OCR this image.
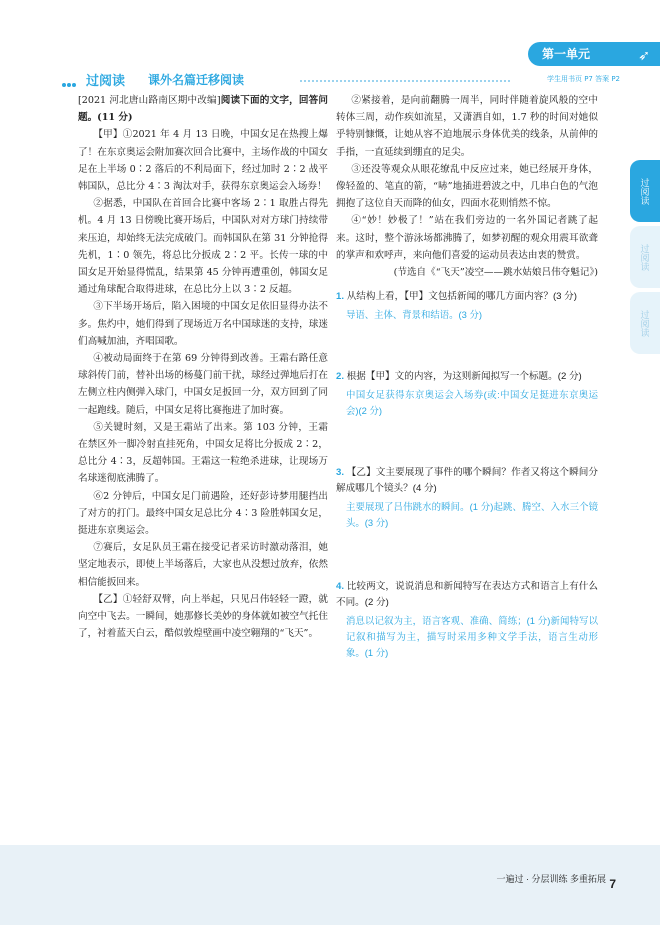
第一单元	➶
过阅读 课外名篇迁移阅读	学生用书页 P7 答案 P2

[2021 河北唐山路南区期中改编]阅读下面的文字，回答问题。(11 分)

【甲】①2021 年 4 月 13 日晚，中国女足在热搜上爆了！在东京奥运会附加赛次回合比赛中，主场作战的中国女足在上半场 0∶2 落后的不利局面下，经过加时 2∶2 战平韩国队，总比分 4∶3 淘汰对手，获得东京奥运会入场券！

②据悉，中国队在首回合比赛中客场 2∶1 取胜占得先机。4 月 13 日傍晚比赛开场后，中国队对对方球门持续带来压迫，却始终无法完成破门。而韩国队在第 31 分钟抢得先机，1∶0 领先，将总比分扳成 2∶2 平。长传一球的中国女足开始显得慌乱，结果第 45 分钟再遭重创，韩国女足通过角球配合取得进球，在总比分上以 3∶2 反超。

③下半场开场后，陷入困境的中国女足依旧显得办法不多。焦灼中，她们得到了现场近万名中国球迷的支持，球迷们高喊加油，齐唱国歌。

④被动局面终于在第 69 分钟得到改善。王霜右路任意球斜传门前，替补出场的杨蔓门前干扰，球经过弹地后打在左侧立柱内侧弹入球门，中国女足扳回一分，双方回到了同一起跑线。随后，中国女足将比赛拖进了加时赛。

⑤关键时刻，又是王霜站了出来。第 103 分钟，王霜在禁区外一脚冷射直挂死角，中国女足将比分扳成 2∶2，总比分 4∶3，反超韩国。王霜这一粒绝杀进球，让现场万名球迷彻底沸腾了。

⑥2 分钟后，中国女足门前遇险，还好彭诗梦用腿挡出了对方的打门。最终中国女足总比分 4∶3 险胜韩国女足，挺进东京奥运会。

⑦赛后，女足队员王霜在接受记者采访时激动落泪，她坚定地表示，即使上半场落后，大家也从没想过放弃，依然相信能扳回来。

【乙】①轻舒双臂，向上举起，只见吕伟轻轻一蹬，就向空中飞去。一瞬间，她那修长美妙的身体就如被空气托住了，衬着蓝天白云，酷似敦煌壁画中凌空翱翔的“飞天”。

②紧接着，是向前翻腾一周半，同时伴随着旋风般的空中转体三周，动作疾如流星，又潇洒自如，1.7 秒的时间对她似乎特别慷慨，让她从容不迫地展示身体优美的线条，从前伸的手指，一直延续到绷直的足尖。

③还没等观众从眼花缭乱中反应过来，她已经展开身体，像轻盈的、笔直的箭，“哧”地插进碧波之中，几串白色的气泡拥抱了这位自天而降的仙女，四面水花则悄然不惊。

④“妙！妙极了！”站在我们旁边的一名外国记者跳了起来。这时，整个游泳场都沸腾了，如梦初醒的观众用震耳欲聋的掌声和欢呼声，来向他们喜爱的运动员表达由衷的赞赏。

(节选自《“飞天”凌空——跳水姑娘吕伟夺魁记》)

1. 从结构上看，【甲】文包括新闻的哪几方面内容？(3 分)
导语、主体、背景和结语。(3 分)
2. 根据【甲】文的内容，为这则新闻拟写一个标题。(2 分)
中国女足获得东京奥运会入场券(或:中国女足挺进东京奥运会)(2 分)
3. 【乙】文主要展现了事件的哪个瞬间？作者又将这个瞬间分解成哪几个镜头？(4 分)
主要展现了吕伟跳水的瞬间。(1 分)起跳、腾空、入水三个镜头。(3 分)
4. 比较两文，说说消息和新闻特写在表达方式和语言上有什么不同。(2 分)
消息以记叙为主，语言客观、准确、简练；(1 分)新闻特写以记叙和描写为主，描写时采用多种文学手法，语言生动形象。(1 分)
过阅读
过阅读
过阅读
一遍过 · 分层训练 多重拓展 7
